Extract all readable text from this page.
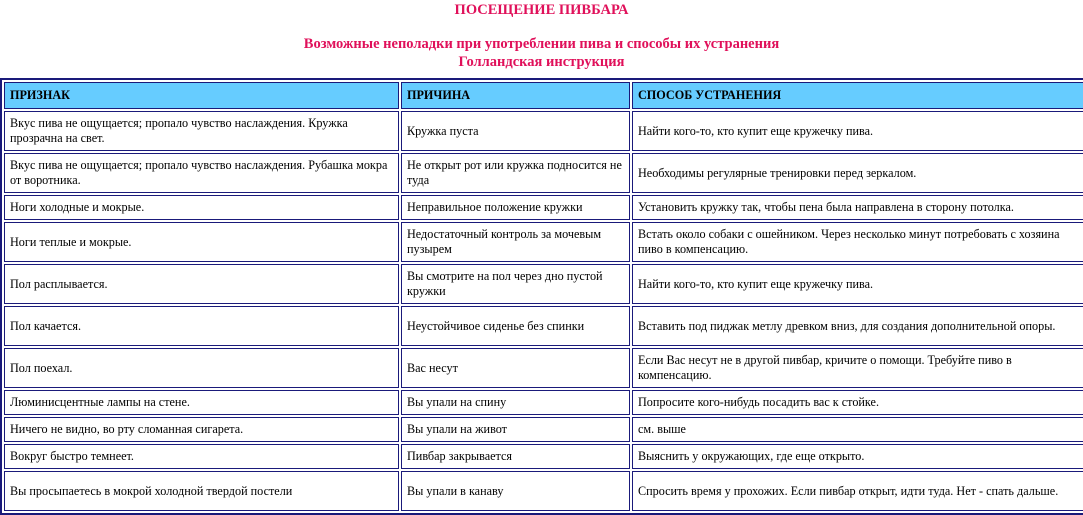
ПОСЕЩЕНИЕ ПИВБАРА
Возможные неполадки при употреблении пива и способы их устранения
Голландская инструкция
ПРИЗНАК	ПРИЧИНА	СПОСОБ УСТРАНЕНИЯ
Вкус пива не ощущается; пропало чувство наслаждения. Кружка прозрачна на свет.	Кружка пуста	Найти кого-то, кто купит еще кружечку пива.
Вкус пива не ощущается; пропало чувство наслаждения. Рубашка мокра от воротника.	Не открыт рот или кружка подносится не туда	Необходимы регулярные тренировки перед зеркалом.
Ноги холодные и мокрые.	Неправильное положение кружки	Установить кружку так, чтобы пена была направлена в сторону потолка.
Ноги теплые и мокрые.	Недостаточный контроль за мочевым пузырем	Встать около собаки с ошейником. Через несколько минут потребовать с хозяина пиво в компенсацию.
Пол расплывается.	Вы смотрите на пол через дно пустой кружки	Найти кого-то, кто купит еще кружечку пива.
Пол качается.	Неустойчивое сиденье без спинки	Вставить под пиджак метлу древком вниз, для создания дополнительной опоры.
Пол поехал.	Вас несут	Если Вас несут не в другой пивбар, кричите о помощи. Требуйте пиво в компенсацию.
Люминисцентные лампы на стене.	Вы упали на спину	Попросите кого-нибудь посадить вас к стойке.
Ничего не видно, во рту сломанная сигарета.	Вы упали на живот	см. выше
Вокруг быстро темнеет.	Пивбар закрывается	Выяснить у окружающих, где еще открыто.
Вы просыпаетесь в мокрой холодной твердой постели	Вы упали в канаву	Спросить время у прохожих. Если пивбар открыт, идти туда. Нет - спать дальше.
